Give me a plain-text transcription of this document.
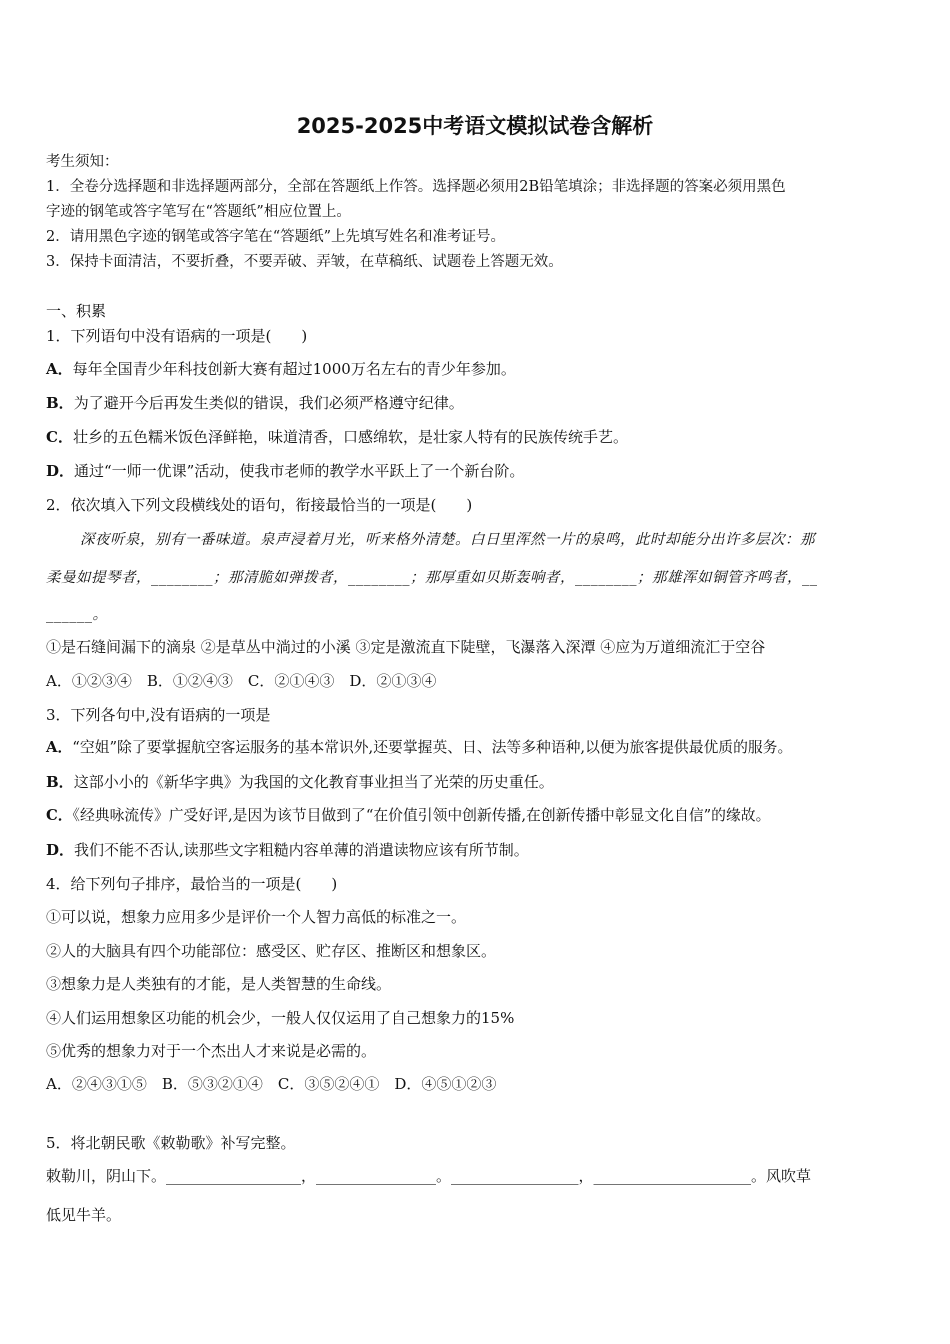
2025-2025中考语文模拟试卷含解析
考生须知：
1．全卷分选择题和非选择题两部分，全部在答题纸上作答。选择题必须用2B铅笔填涂；非选择题的答案必须用黑色
字迹的钢笔或答字笔写在“答题纸”相应位置上。
2．请用黑色字迹的钢笔或答字笔在“答题纸”上先填写姓名和准考证号。
3．保持卡面清洁，不要折叠，不要弄破、弄皱，在草稿纸、试题卷上答题无效。
一、积累
1．下列语句中没有语病的一项是(　　)
A．每年全国青少年科技创新大赛有超过1000万名左右的青少年参加。
B．为了避开今后再发生类似的错误，我们必须严格遵守纪律。
C．壮乡的五色糯米饭色泽鲜艳，味道清香，口感绵软，是壮家人特有的民族传统手艺。
D．通过“一师一优课”活动，使我市老师的教学水平跃上了一个新台阶。
2．依次填入下列文段横线处的语句，衔接最恰当的一项是(　　)
深夜听泉，别有一番味道。泉声浸着月光，听来格外清楚。白日里浑然一片的泉鸣，此时却能分出许多层次：那
柔曼如提琴者，________；那清脆如弹拨者，________；那厚重如贝斯轰响者，________；那雄浑如铜管齐鸣者，__
______。
①是石缝间漏下的滴泉 ②是草丛中淌过的小溪 ③定是激流直下陡壁，飞瀑落入深潭 ④应为万道细流汇于空谷
A．①②③④　B．①②④③　C．②①④③　D．②①③④
3．下列各句中,没有语病的一项是
A．“空姐”除了要掌握航空客运服务的基本常识外,还要掌握英、日、法等多种语种,以便为旅客提供最优质的服务。
B．这部小小的《新华字典》为我国的文化教育事业担当了光荣的历史重任。
C．《经典咏流传》广受好评,是因为该节目做到了“在价值引领中创新传播,在创新传播中彰显文化自信”的缘故。
D．我们不能不否认,读那些文字粗糙内容单薄的消遣读物应该有所节制。
4．给下列句子排序，最恰当的一项是(　　)
①可以说，想象力应用多少是评价一个人智力高低的标准之一。
②人的大脑具有四个功能部位：感受区、贮存区、推断区和想象区。
③想象力是人类独有的才能，是人类智慧的生命线。
④人们运用想象区功能的机会少，一般人仅仅运用了自己想象力的15%
⑤优秀的想象力对于一个杰出人才来说是必需的。
A．②④③①⑤　B．⑤③②①④　C．③⑤②④①　D．④⑤①②③
5．将北朝民歌《敕勒歌》补写完整。
敕勒川，阴山下。__________________，________________。_________________，_____________________。风吹草
低见牛羊。
